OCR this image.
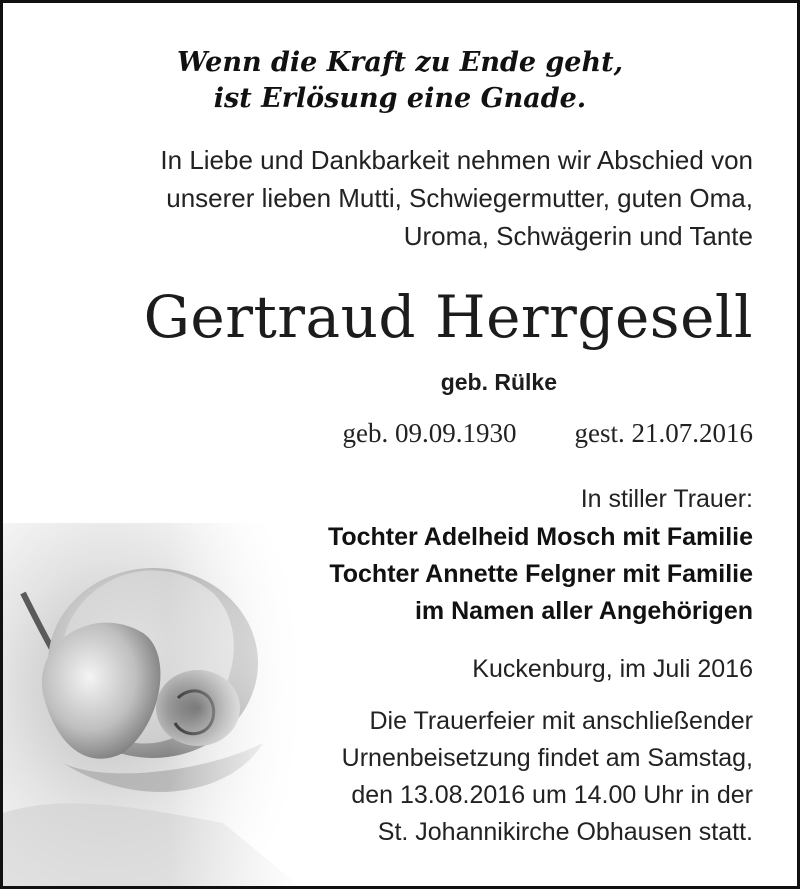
Wenn die Kraft zu Ende geht,
ist Erlösung eine Gnade.
In Liebe und Dankbarkeit nehmen wir Abschied von
unserer lieben Mutti, Schwiegermutter, guten Oma,
Uroma, Schwägerin und Tante
Gertraud Herrgesell
geb. Rülke
geb. 09.09.1930 gest. 21.07.2016
In stiller Trauer:
Tochter Adelheid Mosch mit Familie
Tochter Annette Felgner mit Familie
im Namen aller Angehörigen
Kuckenburg, im Juli 2016
Die Trauerfeier mit anschließender
Urnenbeisetzung findet am Samstag,
den 13.08.2016 um 14.00 Uhr in der
St. Johannikirche Obhausen statt.
